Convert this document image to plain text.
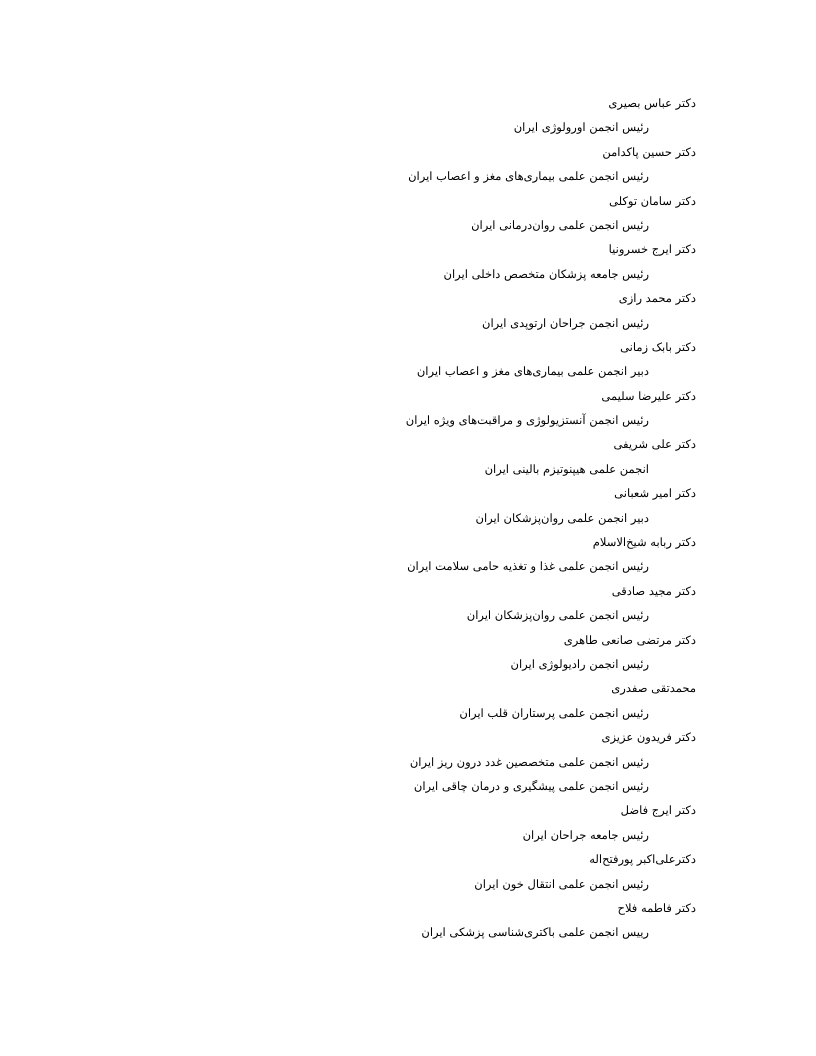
دکتر عباس بصیری
رئیس انجمن اورولوژی ایران
دکتر حسین پاکدامن
رئیس انجمن علمی بیماری‌های مغز و اعصاب ایران
دکتر سامان توکلی
رئیس انجمن علمی روان‌درمانی ایران
دکتر ایرج خسرونیا
رئیس جامعه پزشکان متخصص داخلی ایران
دکتر محمد رازی
رئیس انجمن جراحان ارتوپدی ایران
دکتر بابک زمانی
دبیر انجمن علمی بیماری‌های مغز و اعصاب ایران
دکتر علیرضا سلیمی
رئیس انجمن آنستزیولوژی و مراقبت‌های ویژه ایران
دکتر علی شریفی
انجمن علمی هیپنوتیزم بالینی ایران
دکتر امیر شعبانی
دبیر انجمن علمی روان‌پزشکان ایران
دکتر ربابه شیخ‌الاسلام
رئیس انجمن علمی غذا و تغذیه حامی سلامت ایران
دکتر مجید صادقی
رئیس انجمن علمی روان‌پزشکان ایران
دکتر مرتضی صانعی طاهری
رئیس انجمن رادیولوژی ایران
محمدتقی صفدری
رئیس انجمن علمی پرستاران قلب ایران
دکتر فریدون عزیزی
رئیس انجمن علمی متخصصین غدد درون ریز ایران
رئیس انجمن علمی پیشگیری و درمان چاقی ایران
دکتر ایرج فاضل
رئیس جامعه جراحان ایران
دکترعلی‌اکبر پورفتح‌اله
رئیس انجمن علمی انتقال خون ایران
دکتر فاطمه فلاح
رییس انجمن علمی باکتری‌شناسی پزشکی ایران
